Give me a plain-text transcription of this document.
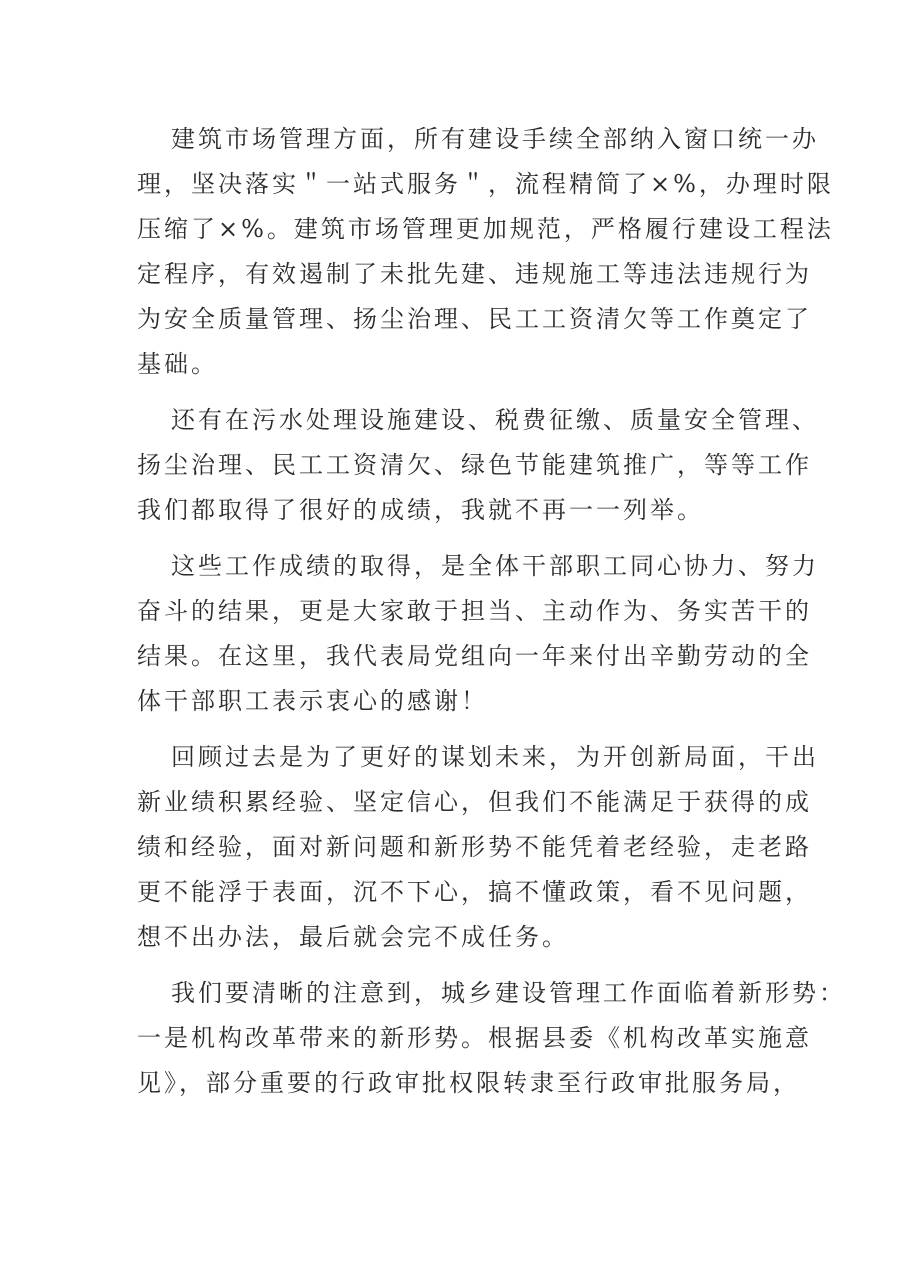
建筑市场管理方面，所有建设手续全部纳入窗口统一办
理，坚决落实＂一站式服务＂，流程精简了×%，办理时限
压缩了×%。建筑市场管理更加规范，严格履行建设工程法
定程序，有效遏制了未批先建、违规施工等违法违规行为
为安全质量管理、扬尘治理、民工工资清欠等工作奠定了
基础。

还有在污水处理设施建设、税费征缴、质量安全管理、
扬尘治理、民工工资清欠、绿色节能建筑推广，等等工作
我们都取得了很好的成绩，我就不再一一列举。

这些工作成绩的取得，是全体干部职工同心协力、努力
奋斗的结果，更是大家敢于担当、主动作为、务实苦干的
结果。在这里，我代表局党组向一年来付出辛勤劳动的全
体干部职工表示衷心的感谢！

回顾过去是为了更好的谋划未来，为开创新局面，干出
新业绩积累经验、坚定信心，但我们不能满足于获得的成
绩和经验，面对新问题和新形势不能凭着老经验，走老路
更不能浮于表面，沉不下心，搞不懂政策，看不见问题，
想不出办法，最后就会完不成任务。

我们要清晰的注意到，城乡建设管理工作面临着新形势：
一是机构改革带来的新形势。根据县委《机构改革实施意
见》，部分重要的行政审批权限转隶至行政审批服务局，
